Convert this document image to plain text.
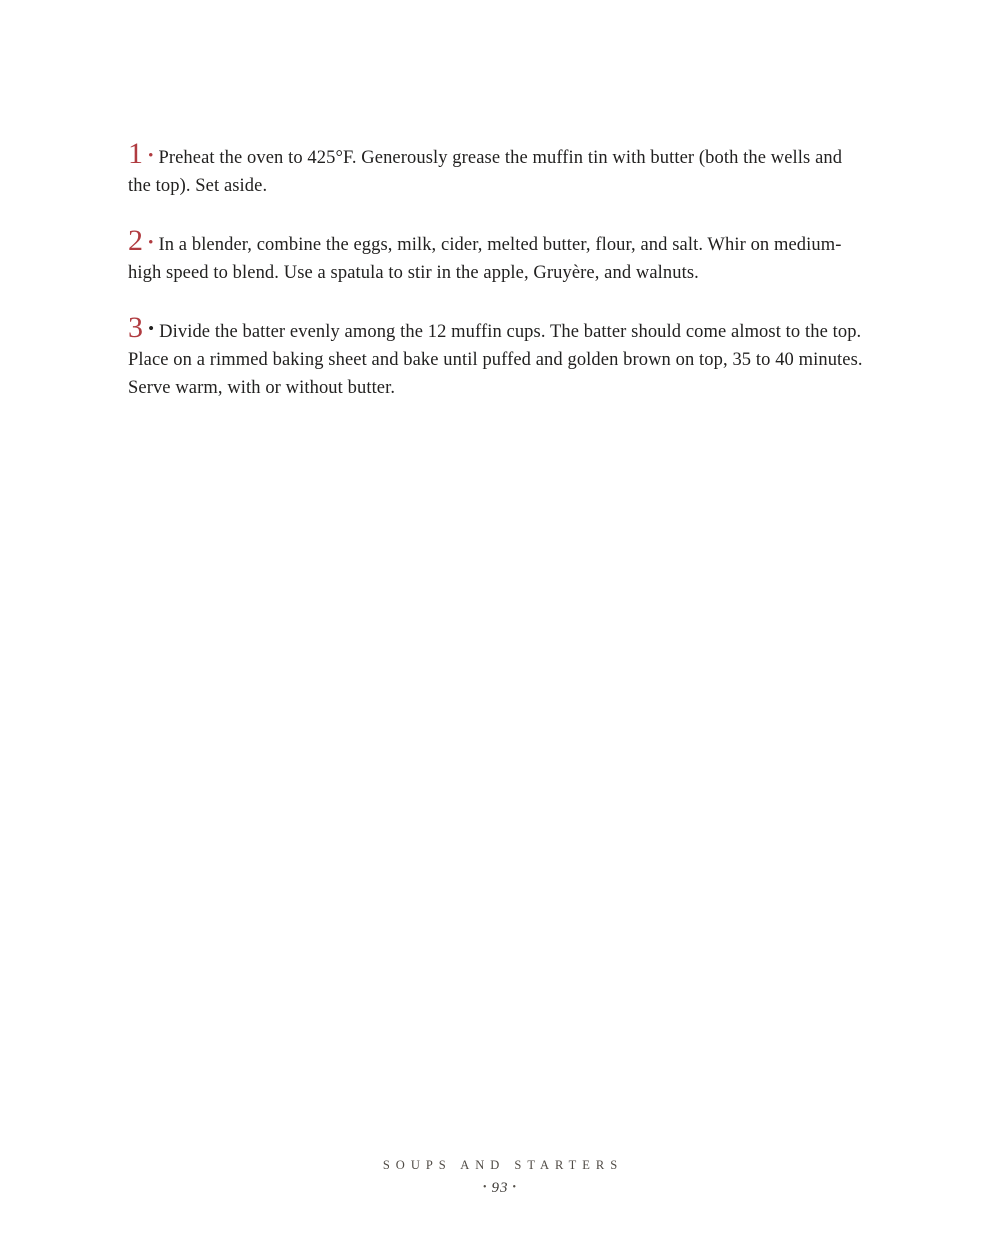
1 • Preheat the oven to 425°F. Generously grease the muffin tin with butter (both the wells and the top). Set aside.

2 • In a blender, combine the eggs, milk, cider, melted butter, flour, and salt. Whir on medium-high speed to blend. Use a spatula to stir in the apple, Gruyère, and walnuts.

3 • Divide the batter evenly among the 12 muffin cups. The batter should come almost to the top. Place on a rimmed baking sheet and bake until puffed and golden brown on top, 35 to 40 minutes. Serve warm, with or without butter.

SOUPS AND STARTERS
• 93 •
